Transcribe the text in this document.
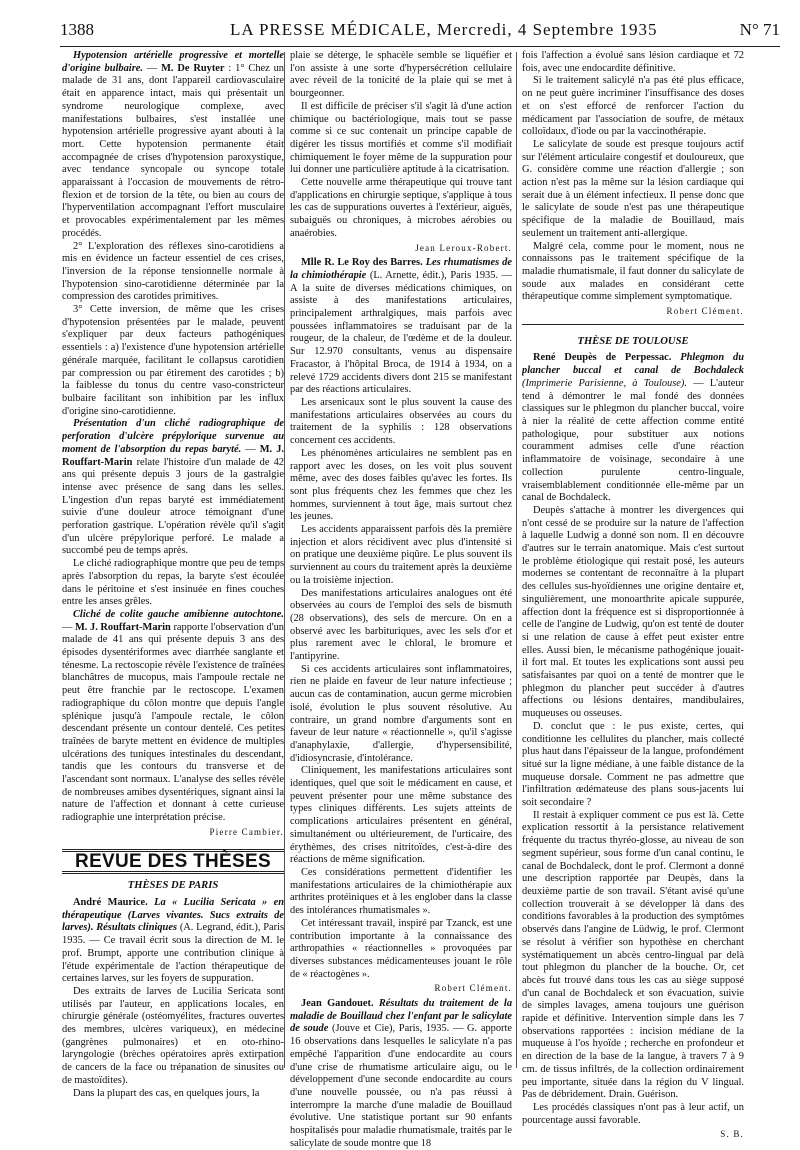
1388	LA PRESSE MÉDICALE, Mercredi, 4 Septembre 1935	N° 71

Hypotension artérielle progressive et mortelle d'origine bulbaire. — M. De Ruyter : 1° Chez un malade de 31 ans, dont l'appareil cardiovasculaire était en apparence intact, mais qui présentait un syndrome neurologique complexe, avec manifestations bulbaires, s'est installée une hypotension artérielle progressive ayant abouti à la mort. Cette hypotension permanente était accompagnée de crises d'hypotension paroxystique, avec tendance syncopale ou syncope totale apparaissant à l'occasion de mouvements de rétro-flexion et de torsion de la tête, ou bien au cours de l'hyperventilation accompagnant l'effort musculaire et provocables expérimentalement par les mêmes procédés.

2° L'exploration des réflexes sino-carotidiens a mis en évidence un facteur essentiel de ces crises, l'inversion de la réponse tensionnelle normale à l'hypotension sino-carotidienne déterminée par la compression des carotides primitives.

3° Cette inversion, de même que les crises d'hypotension présentées par le malade, peuvent s'expliquer par deux facteurs pathogéniques essentiels : a) l'existence d'une hypotension artérielle générale marquée, facilitant le collapsus carotidien par compression ou par étirement des carotides ; b) la faiblesse du tonus du centre vaso-constricteur bulbaire facilitant son inhibition par les influx d'origine sino-carotidienne.

Présentation d'un cliché radiographique de perforation d'ulcère prépylorique survenue au moment de l'absorption du repas baryté. — M. J. Rouffart-Marin relate l'histoire d'un malade de 42 ans qui présente depuis 3 jours de la gastralgie intense avec présence de sang dans les selles. L'ingestion d'un repas baryté est immédiatement suivie d'une douleur atroce témoignant d'une perforation gastrique. L'opération révèle qu'il s'agit d'un ulcère prépylorique perforé. Le malade a succombé peu de temps après.

Le cliché radiographique montre que peu de temps après l'absorption du repas, la baryte s'est écoulée dans le péritoine et s'est insinuée en fines couches entre les anses grêles.

Cliché de colite gauche amibienne autochtone. — M. J. Rouffart-Marin rapporte l'observation d'un malade de 41 ans qui présente depuis 3 ans des épisodes dysentériformes avec diarrhée sanglante et ténesme. La rectoscopie révèle l'existence de traînées blanchâtres de mucopus, mais l'ampoule rectale ne peut être franchie par le rectoscope. L'examen radiographique du côlon montre que depuis l'angle splénique jusqu'à l'ampoule rectale, le côlon descendant présente un contour dentelé. Ces petites traînées de baryte mettent en évidence de multiples ulcérations des tuniques intestinales du descendant, tandis que les contours du transverse et de l'ascendant sont normaux. L'analyse des selles révèle de nombreuses amibes dysentériques, signant ainsi la nature de l'affection et donnant à cette curieuse radiographie une interprétation précise.

Pierre Cambier.

REVUE DES THÈSES

THÈSES DE PARIS

André Maurice. La « Lucilia Sericata » en thérapeutique (Larves vivantes. Sucs extraits de larves). Résultats cliniques (A. Legrand, édit.), Paris 1935. — Ce travail écrit sous la direction de M. le prof. Brumpt, apporte une contribution clinique à l'étude expérimentale de l'action thérapeutique de certaines larves, sur les foyers de suppuration.

Des extraits de larves de Lucilia Sericata sont utilisés par l'auteur, en applications locales, en chirurgie générale (ostéomyélites, fractures ouvertes des membres, ulcères variqueux), en médecine (gangrènes pulmonaires) et en oto-rhino-laryngologie (brèches opératoires après extirpation de cancers de la face ou trépanation de sinusites ou de mastoïdites).

Dans la plupart des cas, en quelques jours, la

plaie se déterge, le sphacèle semble se liquéfier et l'on assiste à une sorte d'hypersécrétion cellulaire avec réveil de la tonicité de la plaie qui se met à bourgeonner.

Il est difficile de préciser s'il s'agit là d'une action chimique ou bactériologique, mais tout se passe comme si ce suc contenait un principe capable de digérer les tissus mortifiés et comme s'il modifiait chimiquement le foyer même de la suppuration pour lui donner une particulière aptitude à la cicatrisation.

Cette nouvelle arme thérapeutique qui trouve tant d'applications en chirurgie septique, s'applique à tous les cas de suppurations ouvertes à l'extérieur, aiguës, subaiguës ou chroniques, à microbes aérobies ou anaérobies.

Jean Leroux-Robert.

Mlle R. Le Roy des Barres. Les rhumatismes de la chimiothérapie (L. Arnette, édit.), Paris 1935. — A la suite de diverses médications chimiques, on assiste à des manifestations articulaires, principalement arthralgiques, mais parfois avec poussées inflammatoires se traduisant par de la rougeur, de la chaleur, de l'œdème et de la douleur. Sur 12.970 consultants, venus au dispensaire Fracastor, à l'hôpital Broca, de 1914 à 1934, on a relevé 1729 accidents divers dont 215 se manifestant par des réactions articulaires.

Les arsenicaux sont le plus souvent la cause des manifestations articulaires observées au cours du traitement de la syphilis : 128 observations concernent ces accidents.

Les phénomènes articulaires ne semblent pas en rapport avec les doses, on les voit plus souvent même, avec des doses faibles qu'avec les fortes. Ils sont plus fréquents chez les femmes que chez les hommes, surviennent à tout âge, mais surtout chez les jeunes.

Les accidents apparaissent parfois dès la première injection et alors récidivent avec plus d'intensité si on pratique une deuxième piqûre. Le plus souvent ils surviennent au cours du traitement après la deuxième ou la troisième injection.

Des manifestations articulaires analogues ont été observées au cours de l'emploi des sels de bismuth (28 observations), des sels de mercure. On en a observé avec les barbituriques, avec les sels d'or et plus rarement avec le chloral, le bromure et l'antipyrine.

Si ces accidents articulaires sont inflammatoires, rien ne plaide en faveur de leur nature infectieuse ; aucun cas de contamination, aucun germe microbien isolé, évolution le plus souvent résolutive. Au contraire, un grand nombre d'arguments sont en faveur de leur nature « réactionnelle », qu'il s'agisse d'anaphylaxie, d'allergie, d'hypersensibilité, d'idiosyncrasie, d'intolérance.

Cliniquement, les manifestations articulaires sont identiques, quel que soit le médicament en cause, et peuvent présenter pour une même substance des types cliniques différents. Les sujets atteints de complications articulaires présentent en général, simultanément ou ultérieurement, de l'urticaire, des érythèmes, des crises nitritoïdes, c'est-à-dire des réactions de même signification.

Ces considérations permettent d'identifier les manifestations articulaires de la chimiothérapie aux arthrites protéiniques et à les englober dans la classe des intolérances rhumatismales ».

Cet intéressant travail, inspiré par Tzanck, est une contribution importante à la connaissance des arthropathies « réactionnelles » provoquées par diverses substances médicamenteuses jouant le rôle de « réactogènes ».

Robert Clément.

Jean Gandouet. Résultats du traitement de la maladie de Bouillaud chez l'enfant par le salicylate de soude (Jouve et Cie), Paris, 1935. — G. apporte 16 observations dans lesquelles le salicylate n'a pas empêché l'apparition d'une endocardite au cours d'une crise de rhumatisme articulaire aigu, ou le développement d'une seconde endocardite au cours d'une nouvelle poussée, ou n'a pas réussi à interrompre la marche d'une maladie de Bouillaud évolutive. Une statistique portant sur 90 enfants hospitalisés pour maladie rhumatismale, traités par le salicylate de soude montre que 18

fois l'affection a évolué sans lésion cardiaque et 72 fois, avec une endocardite définitive.

Si le traitement salicylé n'a pas été plus efficace, on ne peut guère incriminer l'insuffisance des doses et on s'est efforcé de renforcer l'action du médicament par l'association de soufre, de métaux colloïdaux, d'iode ou par la vaccinothérapie.

Le salicylate de soude est presque toujours actif sur l'élément articulaire congestif et douloureux, que G. considère comme une réaction d'allergie ; son action n'est pas la même sur la lésion cardiaque qui serait due à un élément infectieux. Il pense donc que le salicylate de soude n'est pas une thérapeutique spécifique de la maladie de Bouillaud, mais seulement un traitement anti-allergique.

Malgré cela, comme pour le moment, nous ne connaissons pas le traitement spécifique de la maladie rhumatismale, il faut donner du salicylate de soude aux malades en considérant cette thérapeutique comme simplement symptomatique.

Robert Clément.

THÈSE DE TOULOUSE

René Deupès de Perpessac. Phlegmon du plancher buccal et canal de Bochdaleck (Imprimerie Parisienne, à Toulouse). — L'auteur tend à démontrer le mal fondé des données classiques sur le phlegmon du plancher buccal, voire à nier la réalité de cette affection comme entité pathologique, pour substituer aux notions couramment admises celle d'une réaction inflammatoire de voisinage, secondaire à une collection purulente centro-linguale, vraisemblablement conditionnée elle-même par un canal de Bochdaleck.

Deupès s'attache à montrer les divergences qui n'ont cessé de se produire sur la nature de l'affection à laquelle Ludwig a donné son nom. Il en découvre d'autres sur le terrain anatomique. Mais c'est surtout le problème étiologique qui restait posé, les auteurs modernes se contentant de reconnaître à la plupart des cellules sus-hyoïdiennes une origine dentaire et, singulièrement, une monoarthrite apicale suppurée, affection dont la fréquence est si disproportionnée à celle de l'angine de Ludwig, qu'on est tenté de douter si une relation de cause à effet peut exister entre elles. Aussi bien, le mécanisme pathogénique jouait-il fort mal. Et toutes les explications sont aussi peu satisfaisantes par quoi on a tenté de montrer que le phlegmon du plancher peut succéder à d'autres affections ou lésions dentaires, mandibulaires, muqueuses ou osseuses.

D. conclut que : le pus existe, certes, qui conditionne les cellulites du plancher, mais collecté plus haut dans l'épaisseur de la langue, profondément situé sur la ligne médiane, à une faible distance de la muqueuse dorsale. Comment ne pas admettre que l'infiltration œdémateuse des plans sous-jacents lui soit secondaire ?

Il restait à expliquer comment ce pus est là. Cette explication ressortit à la persistance relativement fréquente du tractus thyréo-glosse, au niveau de son segment supérieur, sous forme d'un canal continu, le canal de Bochdaleck, dont le prof. Clermont a donné une description rapportée par Deupès, dans la deuxième partie de son travail. S'étant avisé qu'une collection trouverait à se développer là dans des conditions favorables à la production des symptômes observés dans l'angine de Lüdwig, le prof. Clermont se résolut à vérifier son hypothèse en cherchant systématiquement un abcès centro-lingual par delà tout phlegmon du plancher de la bouche. Or, cet abcès fut trouvé dans tous les cas au siège supposé d'un canal de Bochdaleck et son évacuation, suivie de simples lavages, amena toujours une guérison rapide et définitive. Intervention simple dans les 7 observations rapportées : incision médiane de la muqueuse à l'os hyoïde ; recherche en profondeur et en direction de la base de la langue, à travers 7 à 9 cm. de tissus infiltrés, de la collection ordinairement peu importante, située dans la région du V lingual. Pas de débridement. Drain. Guérison.

Les procédés classiques n'ont pas à leur actif, un pourcentage aussi favorable.

S. B.
